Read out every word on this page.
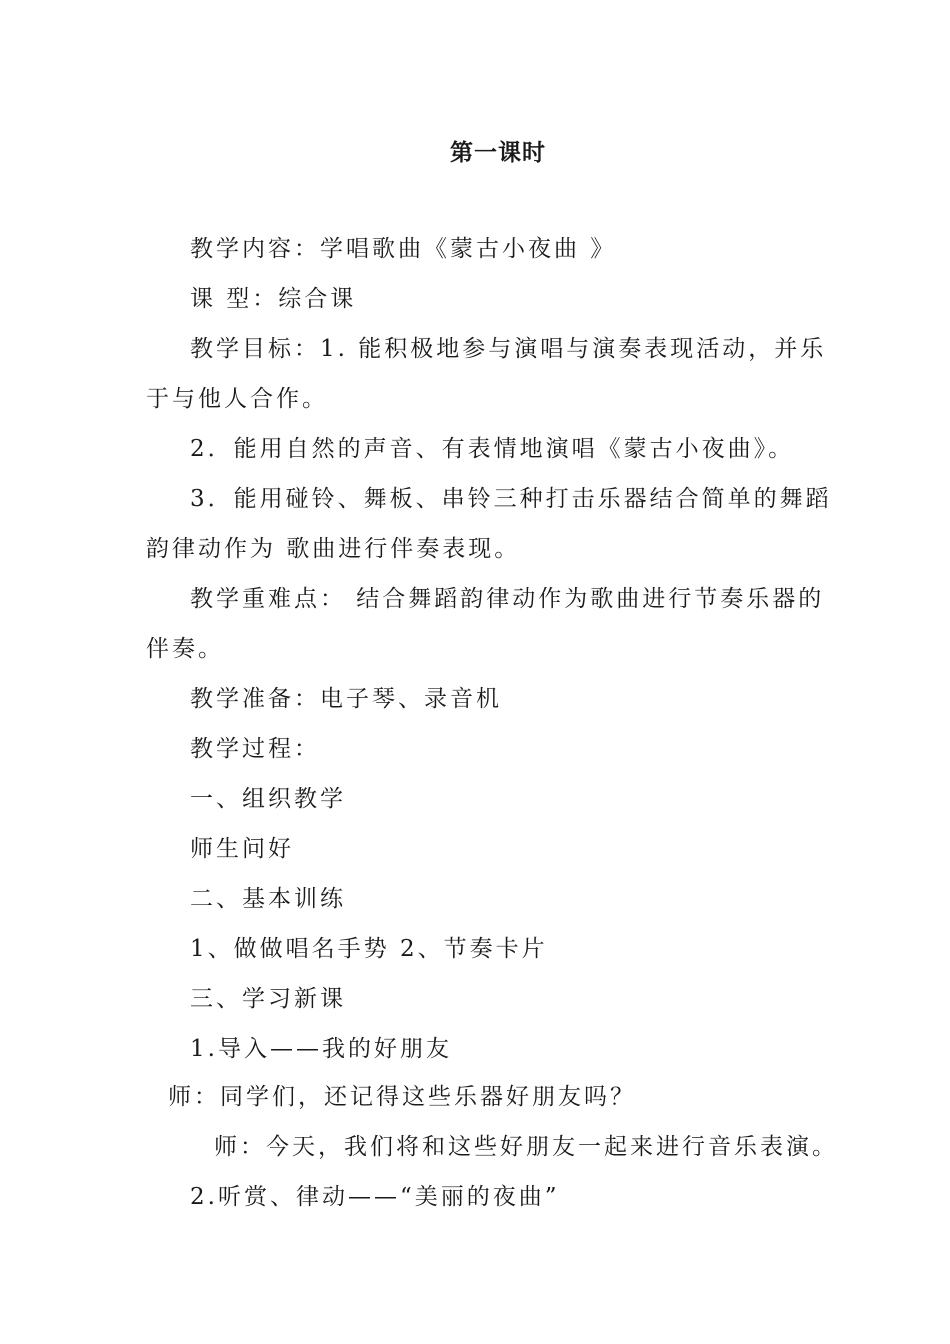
第一课时
教学内容：学唱歌曲《蒙古小夜曲 》
课 型：综合课
教学目标：1. 能积极地参与演唱与演奏表现活动，并乐
于与他人合作。
2．能用自然的声音、有表情地演唱《蒙古小夜曲》。
3．能用碰铃、舞板、串铃三种打击乐器结合简单的舞蹈
韵律动作为 歌曲进行伴奏表现。
教学重难点： 结合舞蹈韵律动作为歌曲进行节奏乐器的
伴奏。
教学准备：电子琴、录音机
教学过程：
一、组织教学
师生问好
二、基本训练
1、做做唱名手势 2、节奏卡片
三、学习新课
1.导入——我的好朋友
师：同学们，还记得这些乐器好朋友吗？
师：今天，我们将和这些好朋友一起来进行音乐表演。
2.听赏、律动——“美丽的夜曲”
